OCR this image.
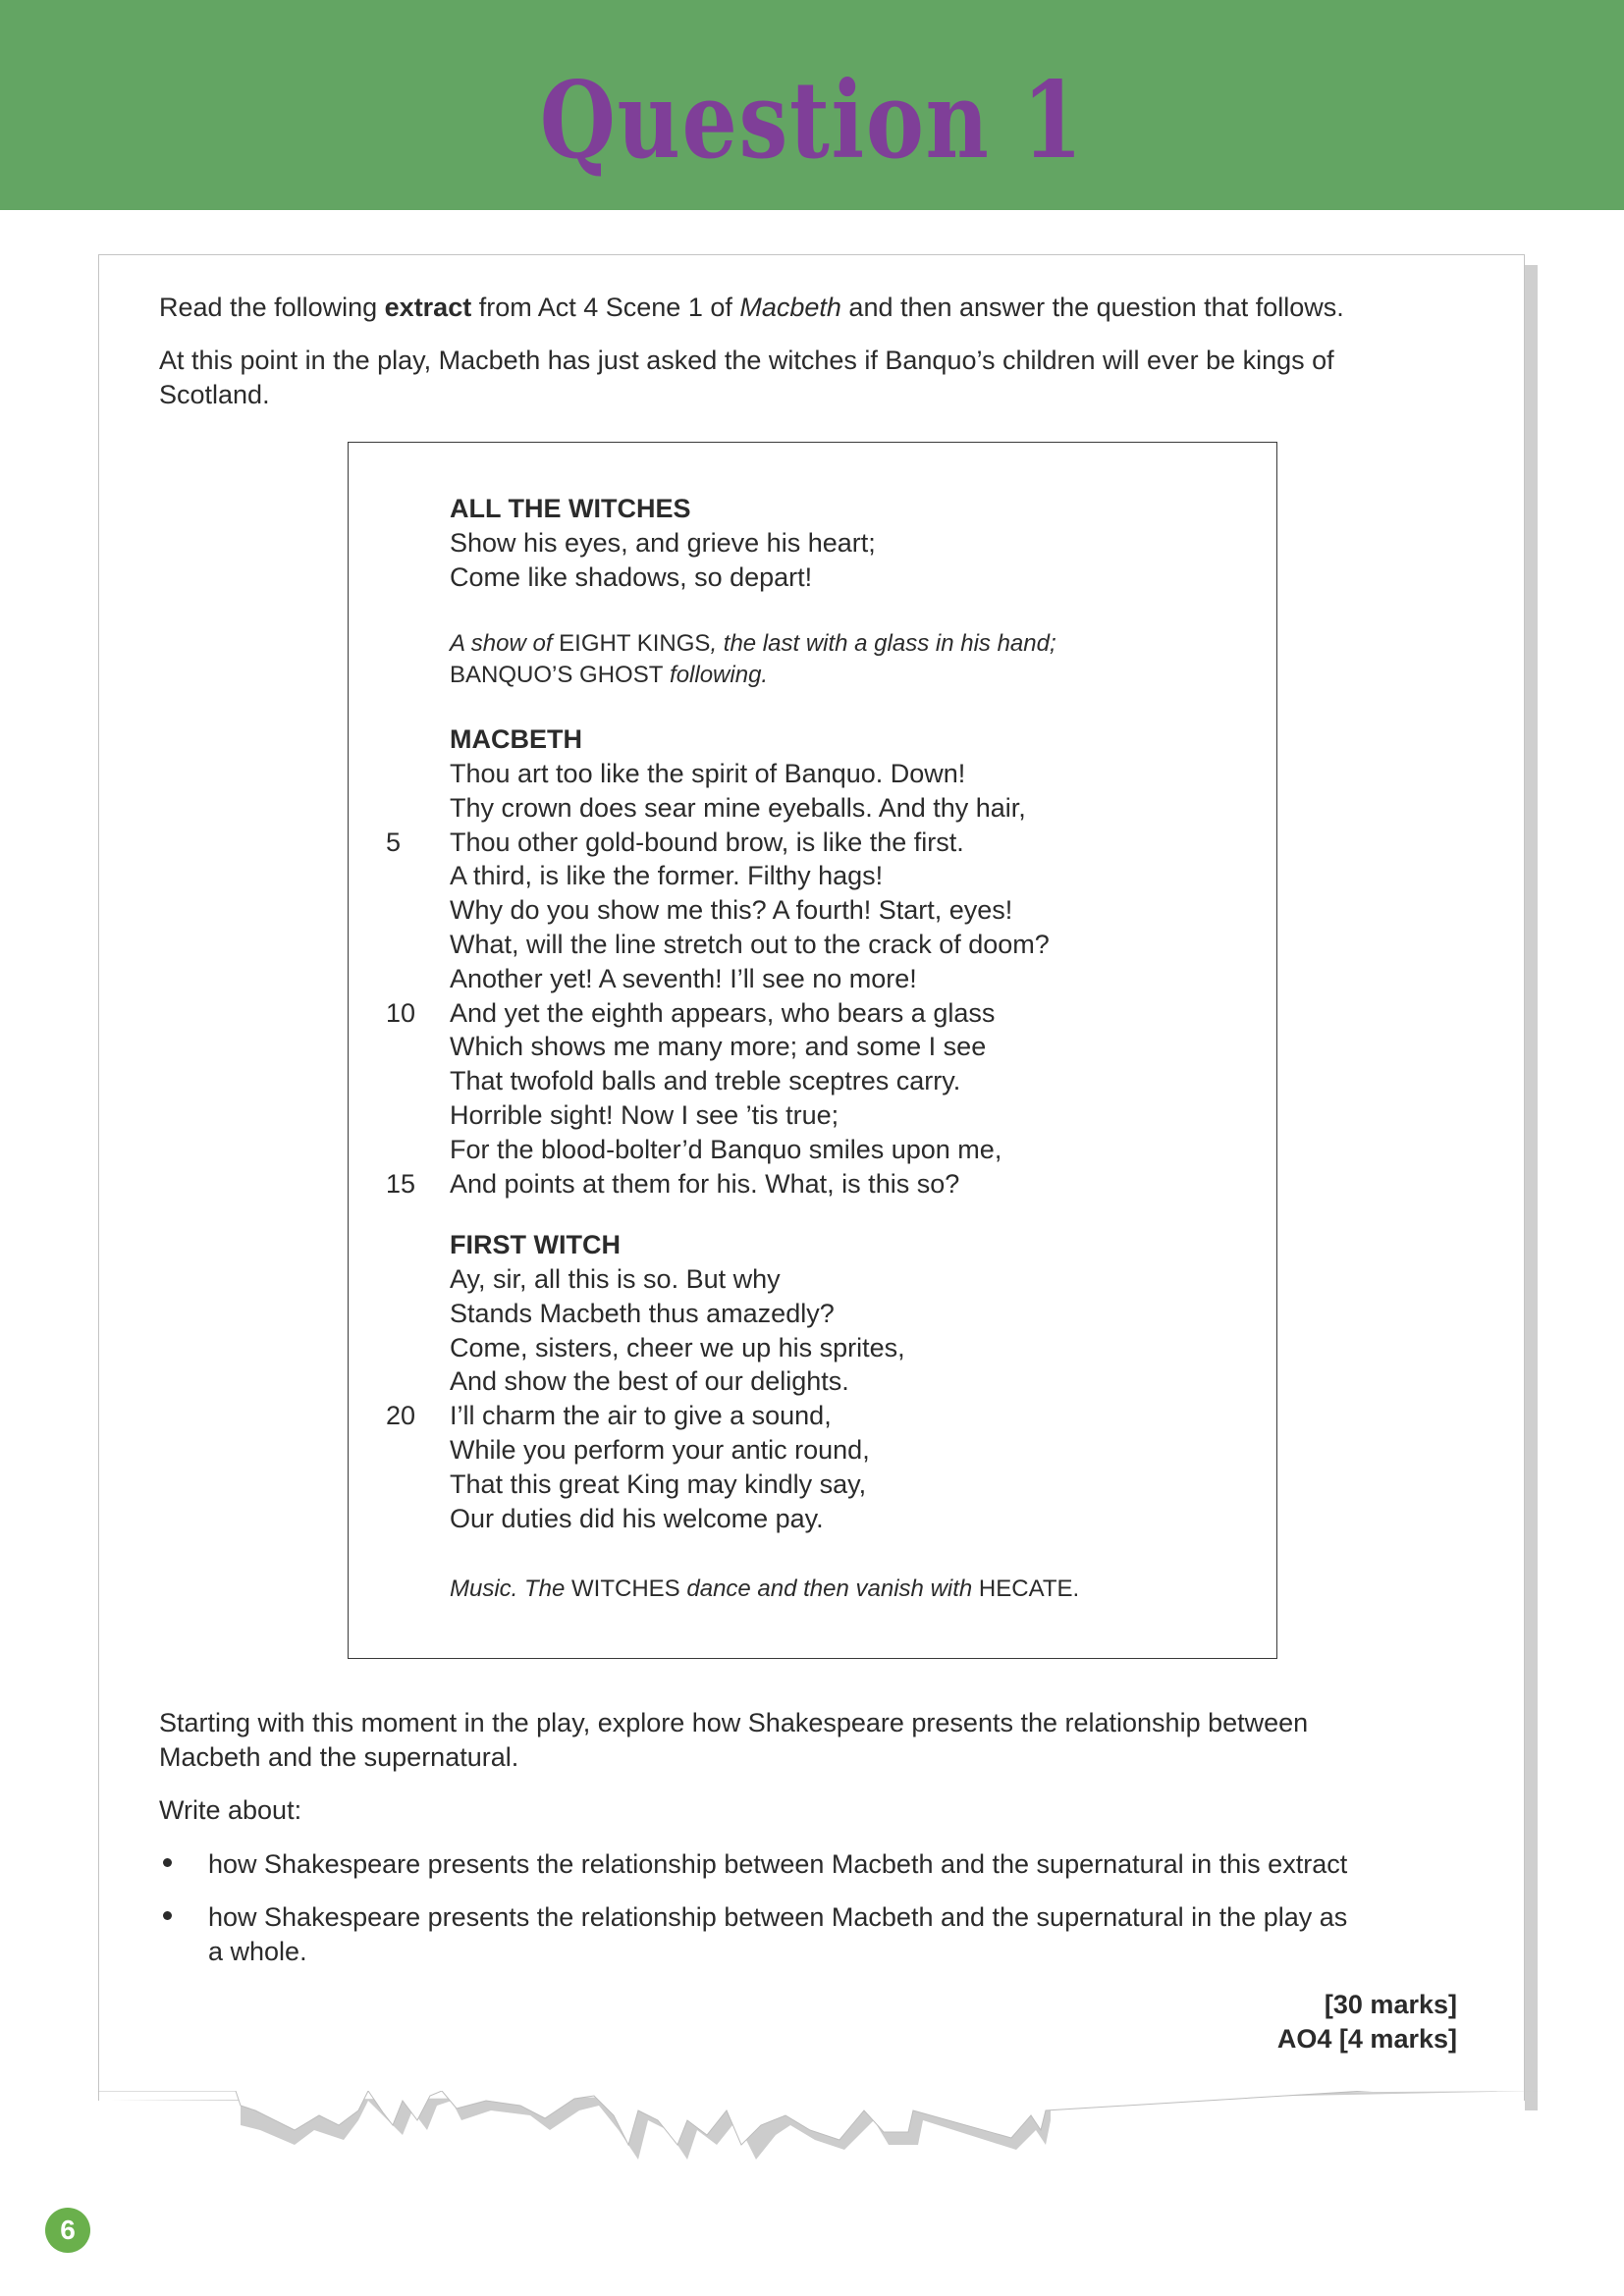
Question 1
Read the following extract from Act 4 Scene 1 of Macbeth and then answer the question that follows.
At this point in the play, Macbeth has just asked the witches if Banquo’s children will ever be kings of
Scotland.
ALL THE WITCHES
Show his eyes, and grieve his heart;
Come like shadows, so depart!
A show of EIGHT KINGS, the last with a glass in his hand;
BANQUO’S GHOST following.
MACBETH
Thou art too like the spirit of Banquo. Down!
Thy crown does sear mine eyeballs. And thy hair,
Thou other gold-bound brow, is like the first.
A third, is like the former. Filthy hags!
Why do you show me this? A fourth! Start, eyes!
What, will the line stretch out to the crack of doom?
Another yet! A seventh! I’ll see no more!
And yet the eighth appears, who bears a glass
Which shows me many more; and some I see
That twofold balls and treble sceptres carry.
Horrible sight! Now I see ’tis true;
For the blood-bolter’d Banquo smiles upon me,
And points at them for his. What, is this so?
FIRST WITCH
Ay, sir, all this is so. But why
Stands Macbeth thus amazedly?
Come, sisters, cheer we up his sprites,
And show the best of our delights.
I’ll charm the air to give a sound,
While you perform your antic round,
That this great King may kindly say,
Our duties did his welcome pay.
5
10
15
20
Music. The WITCHES dance and then vanish with HECATE.
Starting with this moment in the play, explore how Shakespeare presents the relationship between
Macbeth and the supernatural.
Write about:
how Shakespeare presents the relationship between Macbeth and the supernatural in this extract
how Shakespeare presents the relationship between Macbeth and the supernatural in the play as
a whole.
[30 marks]
AO4 [4 marks]
6
